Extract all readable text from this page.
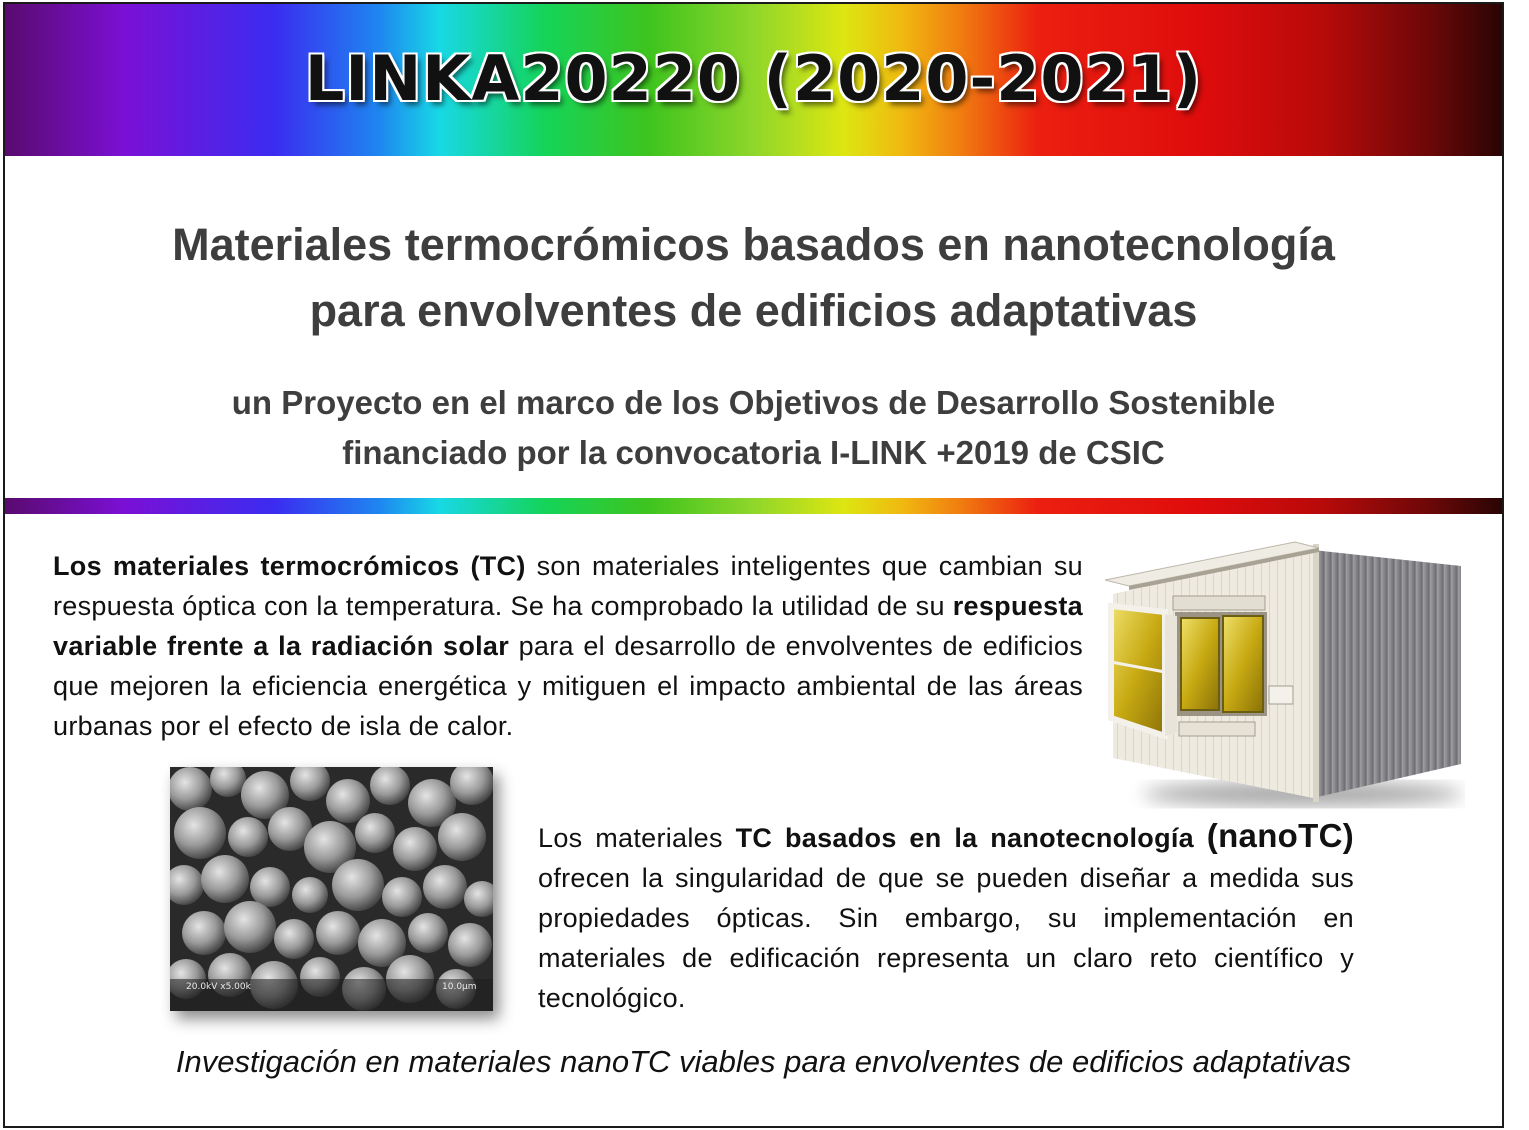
LINKA20220 (2020-2021)
Materiales termocrómicos basados en nanotecnología
para envolventes de edificios adaptativas
un Proyecto en el marco de los Objetivos de Desarrollo Sostenible
financiado por la convocatoria I-LINK +2019 de CSIC
Los materiales termocrómicos (TC) son materiales inteligentes que cambian su respuesta óptica con la temperatura. Se ha comprobado la utilidad de su respuesta variable frente a la radiación solar para el desarrollo de envolventes de edificios que mejoren la eficiencia energética y mitiguen el impacto ambiental de las áreas urbanas por el efecto de isla de calor.
20.0kV x5.00k	10.0µm
Los materiales TC basados en la nanotecnología (nanoTC) ofrecen la singularidad de que se pueden diseñar a medida sus propiedades ópticas. Sin embargo, su implementación en materiales de edificación representa un claro reto científico y tecnológico.
Investigación en materiales nanoTC viables para envolventes de edificios adaptativas
